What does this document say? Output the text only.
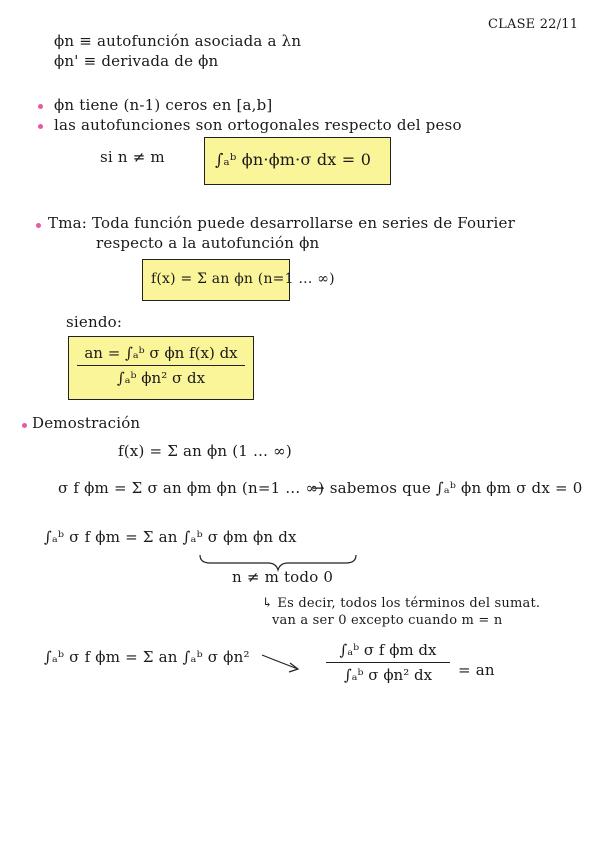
CLASE 22/11
ϕn ≡ autofunción asociada a λn
ϕn' ≡ derivada de ϕn
ϕn tiene (n-1) ceros en [a,b]
las autofunciones son ortogonales respecto del peso
si n ≠ m	∫ₐᵇ ϕn·ϕm·σ dx = 0
Tma: Toda función puede desarrollarse en series de Fourier
respecto a la autofunción ϕn
f(x) = Σ an ϕn (n=1 … ∞)
siendo:
an = ∫ₐᵇ σ ϕn f(x) dx
∫ₐᵇ ϕn² σ dx
Demostración
f(x) = Σ an ϕn (1 … ∞)
σ f ϕm = Σ σ an ϕm ϕn (n=1 … ∞)
→ sabemos que ∫ₐᵇ ϕn ϕm σ dx = 0
∫ₐᵇ σ f ϕm = Σ an ∫ₐᵇ σ ϕm ϕn dx
n ≠ m todo 0
↳ Es decir, todos los términos del sumat.
van a ser 0 excepto cuando m = n
∫ₐᵇ σ f ϕm = Σ an ∫ₐᵇ σ ϕn²	∫ₐᵇ σ f ϕm dx
∫ₐᵇ σ ϕn² dx = an
